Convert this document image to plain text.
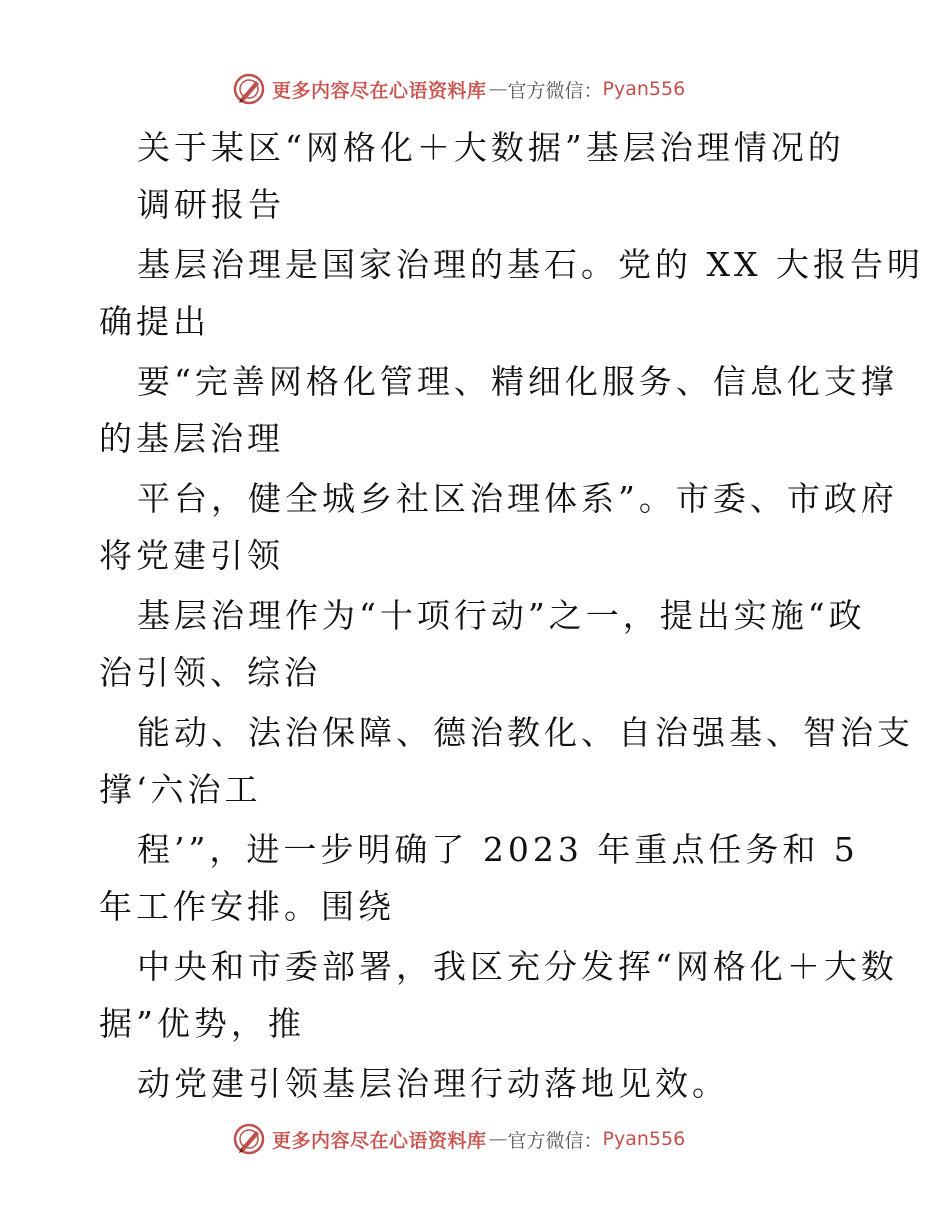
更多内容尽在心语资料库 — 官方微信： Pyan556
关于某区“网格化＋大数据”基层治理情况的
调研报告
基层治理是国家治理的基石。党的 XX 大报告明
确提出
要“完善网格化管理、精细化服务、信息化支撑
的基层治理
平台，健全城乡社区治理体系”。市委、市政府
将党建引领
基层治理作为“十项行动”之一，提出实施“政
治引领、综治
能动、法治保障、德治教化、自治强基、智治支
撑‘六治工
程’”，进一步明确了 2023 年重点任务和 5
年工作安排。围绕
中央和市委部署，我区充分发挥“网格化＋大数
据”优势，推
动党建引领基层治理行动落地见效。
更多内容尽在心语资料库 — 官方微信： Pyan556
